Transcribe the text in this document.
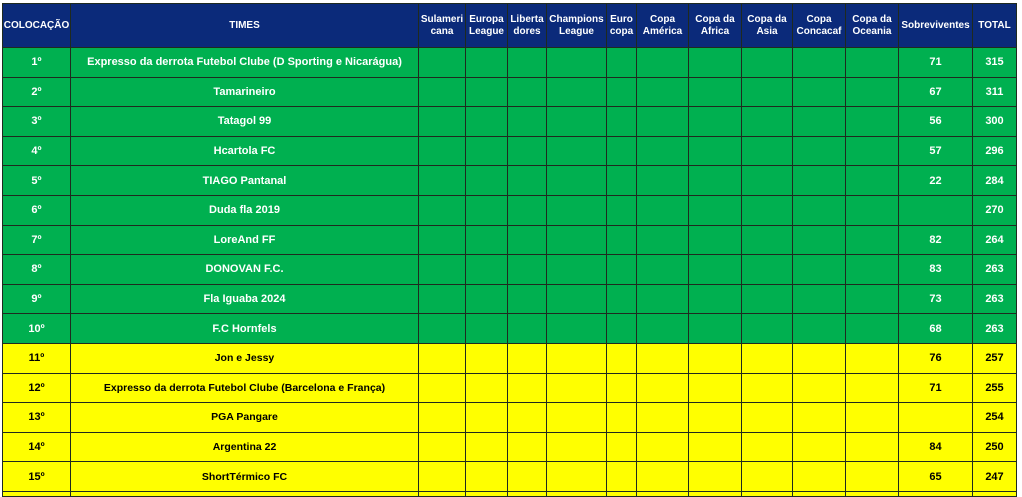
COLOCAÇÃO	TIMES	Sulameri cana	Europa League	Liberta dores	Champions League	Euro copa	Copa América	Copa da Africa	Copa da Asia	Copa Concacaf	Copa da Oceania	Sobreviventes	TOTAL
1º	Expresso da derrota Futebol Clube (D Sporting e Nicarágua)											71	315
2º	Tamarineiro											67	311
3º	Tatagol 99											56	300
4º	Hcartola FC											57	296
5º	TIAGO Pantanal											22	284
6º	Duda fla 2019												270
7º	LoreAnd FF											82	264
8º	DONOVAN F.C.											83	263
9º	Fla Iguaba 2024											73	263
10º	F.C Hornfels											68	263
11º	Jon e Jessy											76	257
12º	Expresso da derrota Futebol Clube (Barcelona e França)											71	255
13º	PGA Pangare												254
14º	Argentina 22											84	250
15º	ShortTérmico FC											65	247
